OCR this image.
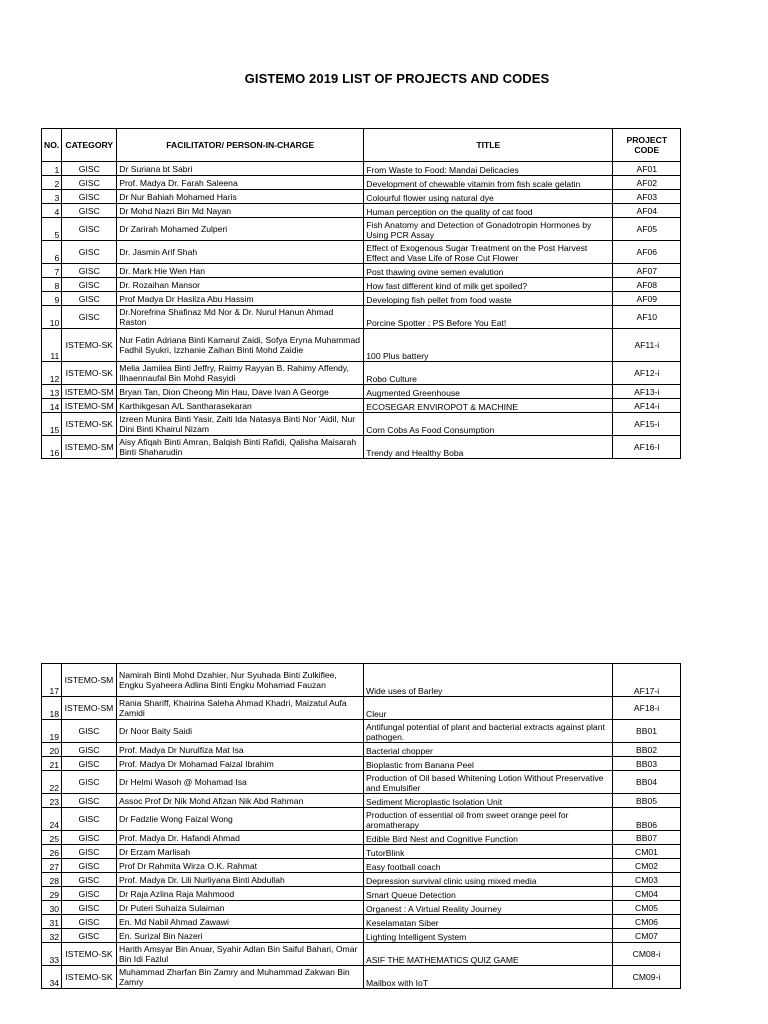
GISTEMO 2019 LIST OF PROJECTS AND CODES
NO.	CATEGORY	FACILITATOR/ PERSON-IN-CHARGE	TITLE	PROJECT CODE
1	GISC	Dr Suriana bt Sabri	From Waste to Food: Mandai Delicacies	AF01
2	GISC	Prof. Madya Dr. Farah Saleena	Development of chewable vitamin from fish scale gelatin	AF02
3	GISC	Dr Nur Bahiah Mohamed Haris	Colourful flower using natural dye	AF03
4	GISC	Dr Mohd Nazri Bin Md Nayan	Human perception on the quality of cat food	AF04
5	GISC	Dr Zarirah Mohamed Zulperi	Fish Anatomy and Detection of Gonadotropin Hormones by Using PCR Assay	AF05
6	GISC	Dr. Jasmin Arif Shah	Effect of Exogenous Sugar Treatment on the Post Harvest Effect and Vase Life of Rose Cut Flower	AF06
7	GISC	Dr. Mark Hie Wen Han	Post thawing ovine semen evalution	AF07
8	GISC	Dr. Rozaihan Mansor	How fast different kind of milk get spoiled?	AF08
9	GISC	Prof Madya Dr Hasliza Abu Hassim	Developing fish pellet from food waste	AF09
10	GISC	Dr.Norefrina Shafinaz Md Nor & Dr. Nurul Hanun Ahmad Raston	Porcine Spotter : PS Before You Eat!	AF10
11	ISTEMO-SK	Nur Fatin Adriana Binti Kamarul Zaidi, Sofya Eryna Muhammad Fadhil Syukri, Izzhanie Zaihan Binti Mohd Zaidie	100 Plus battery	AF11-i
12	ISTEMO-SK	Melia Jamilea Binti Jeffry, Raimy Rayyan B. Rahimy Affendy, Ilhaennaufal Bin Mohd Rasyidi	Robo Culture	AF12-i
13	ISTEMO-SM	Bryan Tan, Dion Cheong Min Hau, Dave Ivan A George	Augmented Greenhouse	AF13-i
14	ISTEMO-SM	Karthikgesan A/L Santharasekaran	ECOSEGAR ENVIROPOT & MACHINE	AF14-i
15	ISTEMO-SK	Izreen Munira Binti Yasir, Zaiti Ida Natasya Binti Nor 'Aidil, Nur Dini Binti Khairul Nizam	Corn Cobs As Food Consumption	AF15-i
16	ISTEMO-SM	Aisy Afiqah Binti Amran, Balqish Binti Rafidi, Qalisha Maisarah Binti Shaharudin	Trendy and Healthy Boba	AF16-I
17	ISTEMO-SM	Namirah Binti Mohd Dzahier, Nur Syuhada Binti Zulkiflee, Engku Syaheera Adlina Binti Engku Mohamad Fauzan	Wide uses of Barley	AF17-i
18	ISTEMO-SM	Rania Shariff, Khairina Saleha Ahmad Khadri, Maizatul Aufa Zamidi	Cleur	AF18-i
19	GISC	Dr Noor Baity Saidi	Antifungal potential of plant and bacterial extracts against plant pathogen.	BB01
20	GISC	Prof. Madya Dr Nurulfiza Mat Isa	Bacterial chopper	BB02
21	GISC	Prof. Madya Dr Mohamad Faizal Ibrahim	Bioplastic from Banana Peel	BB03
22	GISC	Dr Helmi Wasoh @ Mohamad Isa	Production of Oil based Whitening Lotion Without Preservative and Emulsifier	BB04
23	GISC	Assoc Prof Dr Nik Mohd Afizan Nik Abd Rahman	Sediment Microplastic Isolation Unit	BB05
24	GISC	Dr Fadzlie Wong Faizal Wong	Production of essential oil from sweet orange peel for aromatherapy	BB06
25	GISC	Prof. Madya Dr. Hafandi Ahmad	Edible Bird Nest and Cognitive Function	BB07
26	GISC	Dr Erzam Marlisah	TutorBlink	CM01
27	GISC	Prof Dr Rahmita Wirza O.K. Rahmat	Easy football coach	CM02
28	GISC	Prof. Madya Dr. Lili Nurliyana Binti Abdullah	Depression survival clinic using mixed media	CM03
29	GISC	Dr Raja Azlina Raja Mahmood	Smart Queue Detection	CM04
30	GISC	Dr Puteri Suhaiza Sulaiman	Organest : A Virtual Reality Journey	CM05
31	GISC	En. Md Nabil Ahmad Zawawi	Keselamatan Siber	CM06
32	GISC	En. Surizal Bin Nazeri	Lighting Intelligent System	CM07
33	ISTEMO-SK	Harith Amsyar Bin Anuar, Syahir Adlan Bin Saiful Bahari, Omar Bin Idi Fazlul	ASIF THE MATHEMATICS QUIZ GAME	CM08-i
34	ISTEMO-SK	Muhammad Zharfan Bin Zamry and Muhammad Zakwan Bin Zamry	Mailbox with IoT	CM09-i
